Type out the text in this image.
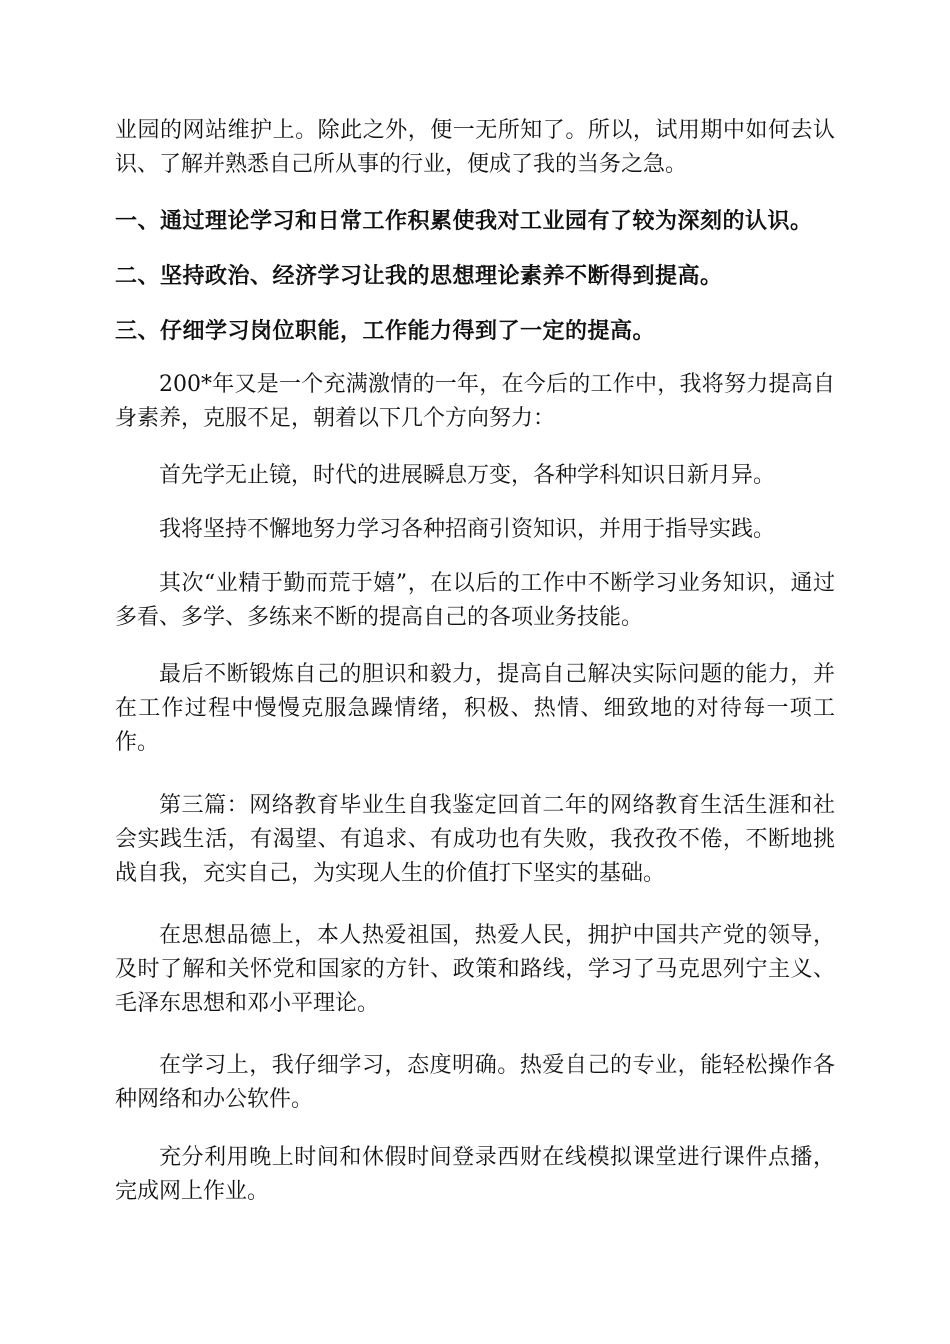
业园的网站维护上。除此之外，便一无所知了。所以，试用期中如何去认识、了解并熟悉自己所从事的行业，便成了我的当务之急。

一、通过理论学习和日常工作积累使我对工业园有了较为深刻的认识。

二、坚持政治、经济学习让我的思想理论素养不断得到提高。

三、仔细学习岗位职能，工作能力得到了一定的提高。

200*年又是一个充满激情的一年，在今后的工作中，我将努力提高自身素养，克服不足，朝着以下几个方向努力：

首先学无止镜，时代的进展瞬息万变，各种学科知识日新月异。

我将坚持不懈地努力学习各种招商引资知识，并用于指导实践。

其次“业精于勤而荒于嬉”，在以后的工作中不断学习业务知识，通过多看、多学、多练来不断的提高自己的各项业务技能。

最后不断锻炼自己的胆识和毅力，提高自己解决实际问题的能力，并在工作过程中慢慢克服急躁情绪，积极、热情、细致地的对待每一项工作。

第三篇：网络教育毕业生自我鉴定回首二年的网络教育生活生涯和社会实践生活，有渴望、有追求、有成功也有失败，我孜孜不倦，不断地挑战自我，充实自己，为实现人生的价值打下坚实的基础。

在思想品德上，本人热爱祖国，热爱人民，拥护中国共产党的领导，及时了解和关怀党和国家的方针、政策和路线，学习了马克思列宁主义、毛泽东思想和邓小平理论。

在学习上，我仔细学习，态度明确。热爱自己的专业，能轻松操作各种网络和办公软件。

充分利用晚上时间和休假时间登录西财在线模拟课堂进行课件点播，完成网上作业。
